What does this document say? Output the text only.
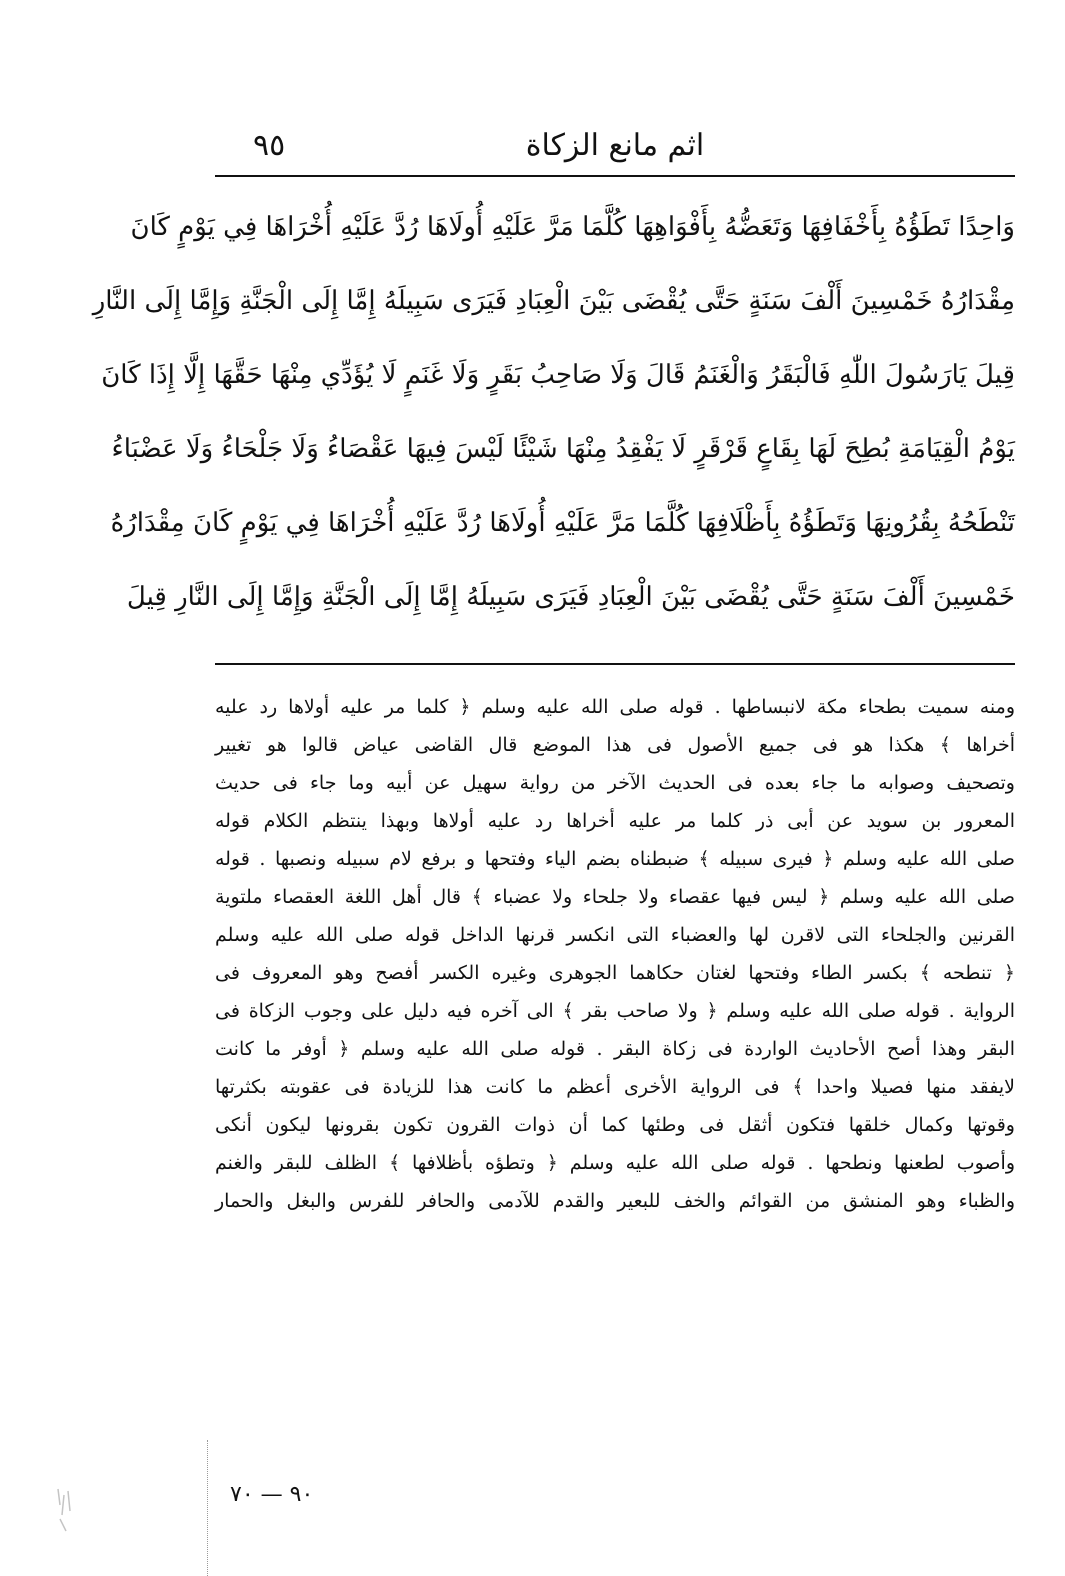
اثم مانع الزكاة
٩٥
وَاحِدًا تَطَؤُهُ بِأَخْفَافِهَا وَتَعَضُّهُ بِأَفْوَاهِهَا كُلَّمَا مَرَّ عَلَيْهِ أُولَاهَا رُدَّ عَلَيْهِ أُخْرَاهَا فِي يَوْمٍ كَانَ
مِقْدَارُهُ خَمْسِينَ أَلْفَ سَنَةٍ حَتَّى يُقْضَى بَيْنَ الْعِبَادِ فَيَرَى سَبِيلَهُ إِمَّا إِلَى الْجَنَّةِ وَإِمَّا إِلَى النَّارِ
قِيلَ يَارَسُولَ اللّٰهِ فَالْبَقَرُ وَالْغَنَمُ قَالَ وَلَا صَاحِبُ بَقَرٍ وَلَا غَنَمٍ لَا يُؤَدِّي مِنْهَا حَقَّهَا إِلَّا إِذَا كَانَ
يَوْمُ الْقِيَامَةِ بُطِحَ لَهَا بِقَاعٍ قَرْقَرٍ لَا يَفْقِدُ مِنْهَا شَيْئًا لَيْسَ فِيهَا عَقْصَاءُ وَلَا جَلْحَاءُ وَلَا عَضْبَاءُ
تَنْطَحُهُ بِقُرُونِهَا وَتَطَؤُهُ بِأَظْلَافِهَا كُلَّمَا مَرَّ عَلَيْهِ أُولَاهَا رُدَّ عَلَيْهِ أُخْرَاهَا فِي يَوْمٍ كَانَ مِقْدَارُهُ
خَمْسِينَ أَلْفَ سَنَةٍ حَتَّى يُقْضَى بَيْنَ الْعِبَادِ فَيَرَى سَبِيلَهُ إِمَّا إِلَى الْجَنَّةِ وَإِمَّا إِلَى النَّارِ قِيلَ
ومنه سميت بطحاء مكة لانبساطها . قوله صلى الله عليه وسلم ﴿ كلما مر عليه أولاها رد عليه
أخراها ﴾ هكذا هو فى جميع الأصول فى هذا الموضع قال القاضى عياض قالوا هو تغيير
وتصحيف وصوابه ما جاء بعده فى الحديث الآخر من رواية سهيل عن أبيه وما جاء فى حديث
المعرور بن سويد عن أبى ذر كلما مر عليه أخراها رد عليه أولاها وبهذا ينتظم الكلام قوله
صلى الله عليه وسلم ﴿ فيرى سبيله ﴾ ضبطناه بضم الياء وفتحها و برفع لام سبيله ونصبها . قوله
صلى الله عليه وسلم ﴿ ليس فيها عقصاء ولا جلحاء ولا عضباء ﴾ قال أهل اللغة العقصاء ملتوية
القرنين والجلحاء التى لاقرن لها والعضباء التى انكسر قرنها الداخل قوله صلى الله عليه وسلم
﴿ تنطحه ﴾ بكسر الطاء وفتحها لغتان حكاهما الجوهرى وغيره الكسر أفصح وهو المعروف فى
الرواية . قوله صلى الله عليه وسلم ﴿ ولا صاحب بقر ﴾ الى آخره فيه دليل على وجوب الزكاة فى
البقر وهذا أصح الأحاديث الواردة فى زكاة البقر . قوله صلى الله عليه وسلم ﴿ أوفر ما كانت
لايفقد منها فصيلا واحدا ﴾ فى الرواية الأخرى أعظم ما كانت هذا للزيادة فى عقوبته بكثرتها
وقوتها وكمال خلقها فتكون أثقل فى وطئها كما أن ذوات القرون تكون بقرونها ليكون أنكى
وأصوب لطعنها ونطحها . قوله صلى الله عليه وسلم ﴿ وتطؤه بأظلافها ﴾ الظلف للبقر والغنم
والظباء وهو المنشق من القوائم والخف للبعير والقدم للآدمى والحافر للفرس والبغل والحمار
٩٠ — ٧٠
